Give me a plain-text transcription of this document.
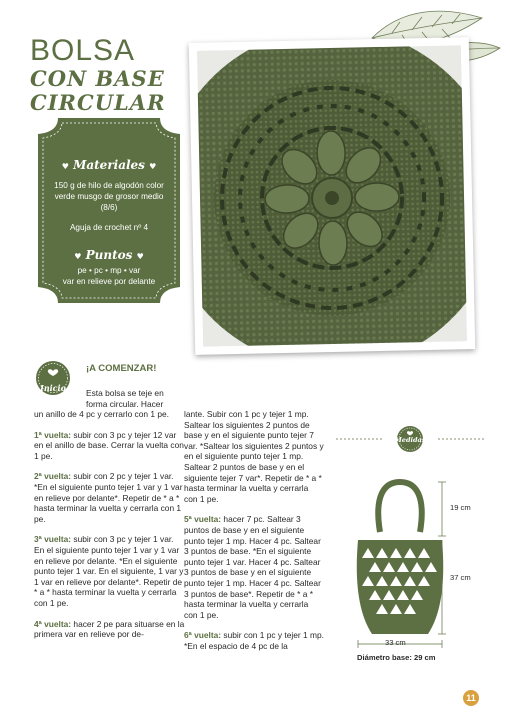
BOLSA
CON BASE
CIRCULAR
♥ Materiales ♥
150 g de hilo de algodón color verde musgo de grosor medio (8/6)
Aguja de crochet nº 4
♥ Puntos ♥
pe • pc • mp • var
var en relieve por delante
Inicio
¡A COMENZAR!
Esta bolsa se teje en
forma circular. Hacer

un anillo de 4 pc y cerrarlo con 1 pe.

1ª vuelta: subir con 3 pc y tejer 12 var en el anillo de base. Cerrar la vuelta con 1 pe.

2ª vuelta: subir con 2 pc y tejer 1 var. *En el siguiente punto tejer 1 var y 1 var en relieve por delante*. Repetir de * a * hasta terminar la vuelta y cerrarla con 1 pe.

3ª vuelta: subir con 3 pc y tejer 1 var. En el siguiente punto tejer 1 var y 1 var en relieve por delante. *En el siguiente punto tejer 1 var. En el siguiente, 1 var y 1 var en relieve por delante*. Repetir de * a * hasta terminar la vuelta y cerrarla con 1 pe.

4ª vuelta: hacer 2 pe para situarse en la primera var en relieve por de-

lante. Subir con 1 pc y tejer 1 mp. Saltear los siguientes 2 puntos de base y en el siguiente punto tejer 7 var. *Saltear los siguientes 2 puntos y en el siguiente punto tejer 1 mp. Saltear 2 puntos de base y en el siguiente tejer 7 var*. Repetir de * a * hasta terminar la vuelta y cerrarla con 1 pe.

5ª vuelta: hacer 7 pc. Saltear 3 puntos de base y en el siguiente punto tejer 1 mp. Hacer 4 pc. Saltear 3 puntos de base. *En el siguiente punto tejer 1 var. Hacer 4 pc. Saltear 3 puntos de base y en el siguiente punto tejer 1 mp. Hacer 4 pc. Saltear 3 puntos de base*. Repetir de * a * hasta terminar la vuelta y cerrarla con 1 pe.

6ª vuelta: subir con 1 pc y tejer 1 mp. *En el espacio de 4 pc de la

Medidas
19 cm
37 cm
33 cm
Diámetro base: 29 cm
11
